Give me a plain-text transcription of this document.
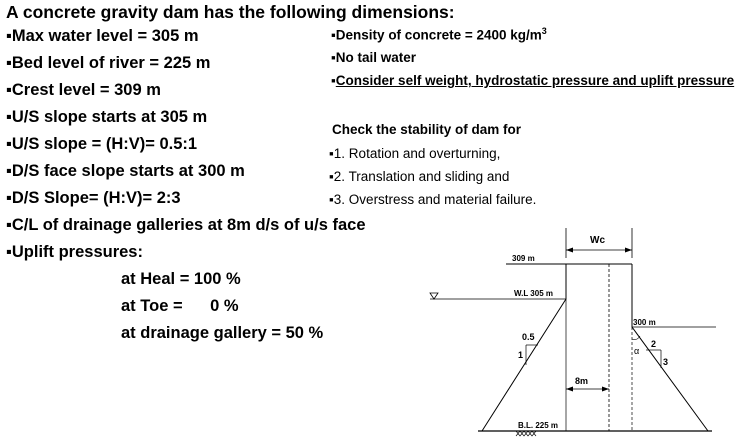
A concrete gravity dam has the following dimensions:
▪Max water level = 305 m
▪Bed level of river = 225 m
▪Crest level = 309 m
▪U/S slope starts at 305 m
▪U/S slope = (H:V)= 0.5:1
▪D/S face slope starts at 300 m
▪D/S Slope= (H:V)= 2:3
▪C/L of drainage galleries at 8m d/s of u/s face
▪Uplift pressures:
at Heal = 100 %
at Toe =      0 %
at drainage gallery = 50 %
▪Density of concrete = 2400 $kg/m^3$
▪No tail water
▪Consider self weight, hydrostatic pressure and uplift pressure
Check the stability of dam for
▪1. Rotation and overturning,
▪2. Translation and sliding and
▪3. Overstress and material failure.
Wc
309 m
W.L 305 m
300 m
0.5
1
2
3
α
8m
B.L. 225 m
